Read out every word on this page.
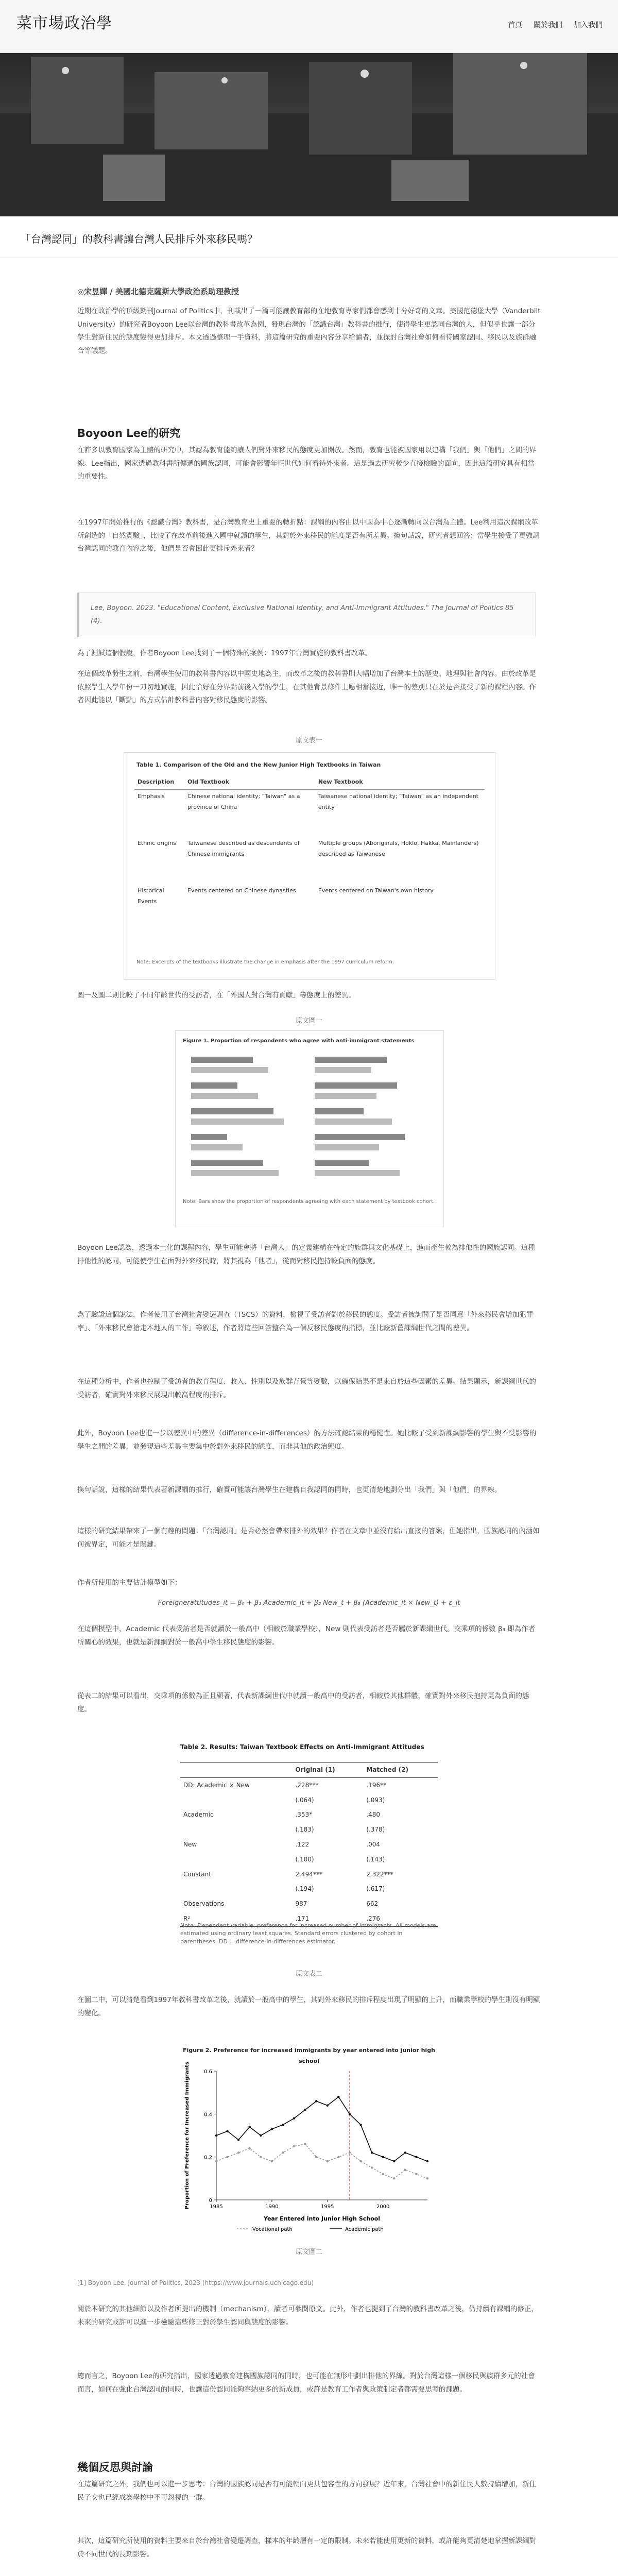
菜市場政治學	首頁 關於我們 加入我們
「台灣認同」的教科書讓台灣人民排斥外來移民嗎？
◎宋昱嬋 / 美國北德克薩斯大學政治系助理教授

近期在政治學的頂級期刊Journal of Politics中，刊載出了一篇可能讓教育部的在地教育專家們都會感到十分好奇的文章。美國范德堡大學（Vanderbilt University）的研究者Boyoon Lee以台灣的教科書改革為例，發現台灣的「認識台灣」教科書的推行，使得學生更認同台灣的人，但似乎也讓一部分學生對新住民的態度變得更加排斥。本文透過整理一手資料，將這篇研究的重要內容分享給讀者，並探討台灣社會如何看待國家認同、移民以及族群融合等議題。

Boyoon Lee的研究

在許多以教育國家為主體的研究中，其認為教育能夠讓人們對外來移民的態度更加開放。然而，教育也能被國家用以建構「我們」與「他們」之間的界線。Lee指出，國家透過教科書所傳遞的國族認同，可能會影響年輕世代如何看待外來者。這是過去研究較少直接檢驗的面向，因此這篇研究具有相當的重要性。

在1997年開始推行的《認識台灣》教科書，是台灣教育史上重要的轉折點：課綱的內容由以中國為中心逐漸轉向以台灣為主體。Lee利用這次課綱改革所創造的「自然實驗」，比較了在改革前後進入國中就讀的學生，其對於外來移民的態度是否有所差異。換句話說，研究者想回答：當學生接受了更強調台灣認同的教育內容之後，他們是否會因此更排斥外來者？

Lee, Boyoon. 2023. "Educational Content, Exclusive National Identity, and Anti-Immigrant Attitudes." The Journal of Politics 85 (4).

為了測試這個假說，作者Boyoon Lee找到了一個特殊的案例：1997年台灣實施的教科書改革。

在這個改革發生之前，台灣學生使用的教科書內容以中國史地為主，而改革之後的教科書則大幅增加了台灣本土的歷史、地理與社會內容。由於改革是依照學生入學年份一刀切地實施，因此恰好在分界點前後入學的學生，在其他背景條件上應相當接近，唯一的差別只在於是否接受了新的課程內容。作者因此能以「斷點」的方式估計教科書內容對移民態度的影響。

原文表一
Table 1. Comparison of the Old and the New Junior High Textbooks in Taiwan
Description	Old Textbook	New Textbook
Emphasis	Chinese national identity; "Taiwan" as a province of China	Taiwanese national identity; "Taiwan" as an independent entity
Ethnic origins	Taiwanese described as descendants of Chinese immigrants	Multiple groups (Aboriginals, Hoklo, Hakka, Mainlanders) described as Taiwanese
Historical Events	Events centered on Chinese dynasties	Events centered on Taiwan's own history
Note: Excerpts of the textbooks illustrate the change in emphasis after the 1997 curriculum reform.

圖一及圖二則比較了不同年齡世代的受訪者，在「外國人對台灣有貢獻」等態度上的差異。

原文圖一
Figure 1. Proportion of respondents who agree with anti-immigrant statements
Note: Bars show the proportion of respondents agreeing with each statement by textbook cohort.

Boyoon Lee認為，透過本土化的課程內容，學生可能會將「台灣人」的定義建構在特定的族群與文化基礎上，進而產生較為排他性的國族認同。這種排他性的認同，可能使學生在面對外來移民時，將其視為「他者」，從而對移民抱持較負面的態度。

為了驗證這個說法，作者使用了台灣社會變遷調查（TSCS）的資料，檢視了受訪者對於移民的態度。受訪者被詢問了是否同意「外來移民會增加犯罪率」、「外來移民會搶走本地人的工作」等敘述，作者將這些回答整合為一個反移民態度的指標，並比較新舊課綱世代之間的差異。

在這種分析中，作者也控制了受訪者的教育程度、收入、性別以及族群背景等變數，以確保結果不是來自於這些因素的差異。結果顯示，新課綱世代的受訪者，確實對外來移民展現出較高程度的排斥。

此外，Boyoon Lee也進一步以差異中的差異（difference-in-differences）的方法確認結果的穩健性。她比較了受到新課綱影響的學生與不受影響的學生之間的差異，並發現這些差異主要集中於對外來移民的態度，而非其他的政治態度。

換句話說，這樣的結果代表著新課綱的推行，確實可能讓台灣學生在建構自我認同的同時，也更清楚地劃分出「我們」與「他們」的界線。

這樣的研究結果帶來了一個有趣的問題：「台灣認同」是否必然會帶來排外的效果？作者在文章中並沒有給出直接的答案，但她指出，國族認同的內涵如何被界定，可能才是關鍵。

作者所使用的主要估計模型如下：

Foreignerattitudes_it = β₀ + β₁ Academic_it + β₂ New_t + β₃ (Academic_it × New_t) + ε_it

在這個模型中，Academic 代表受訪者是否就讀於一般高中（相較於職業學校），New 則代表受訪者是否屬於新課綱世代。交乘項的係數 β₃ 即為作者所關心的效果，也就是新課綱對於一般高中學生移民態度的影響。

從表二的結果可以看出，交乘項的係數為正且顯著，代表新課綱世代中就讀一般高中的受訪者，相較於其他群體，確實對外來移民抱持更為負面的態度。

Table 2. Results: Taiwan Textbook Effects on Anti-Immigrant Attitudes
	Original (1)	Matched (2)
DD: Academic × New	.228***	.196**
	(.064)	(.093)
Academic	.353*	.480
	(.183)	(.378)
New	.122	.004
	(.100)	(.143)
Constant	2.494***	2.322***
	(.194)	(.617)
Observations	987	662
R²	.171	.276
Note: Dependent variable: preference for increased number of immigrants. All models are estimated using ordinary least squares. Standard errors clustered by cohort in parentheses. DD = difference-in-differences estimator.
原文表二

在圖二中，可以清楚看到1997年教科書改革之後，就讀於一般高中的學生，其對外來移民的排斥程度出現了明顯的上升，而職業學校的學生則沒有明顯的變化。

Figure 2. Preference for increased immigrants by year entered into junior high school
0
0.2
0.4
0.6
1985	1990	1995	2000
Year Entered into Junior High School
Proportion of Preference for Increased Immigrants
Vocational path	Academic path
原文圖二

[1] Boyoon Lee, Journal of Politics, 2023 (https://www.journals.uchicago.edu)

關於本研究的其他細節以及作者所提出的機制（mechanism），讀者可參閱原文。此外，作者也提到了台灣的教科書改革之後，仍持續有課綱的修正，未來的研究或許可以進一步檢驗這些修正對於學生認同與態度的影響。

總而言之，Boyoon Lee的研究指出，國家透過教育建構國族認同的同時，也可能在無形中劃出排他的界線。對於台灣這樣一個移民與族群多元的社會而言，如何在強化台灣認同的同時，也讓這份認同能夠容納更多的新成員，或許是教育工作者與政策制定者都需要思考的課題。

幾個反思與討論

在這篇研究之外，我們也可以進一步思考：台灣的國族認同是否有可能朝向更具包容性的方向發展？近年來，台灣社會中的新住民人數持續增加，新住民子女也已經成為學校中不可忽視的一群。

其次，這篇研究所使用的資料主要來自於台灣社會變遷調查，樣本的年齡層有一定的限制。未來若能使用更新的資料，或許能夠更清楚地掌握新課綱對於不同世代的長期影響。
